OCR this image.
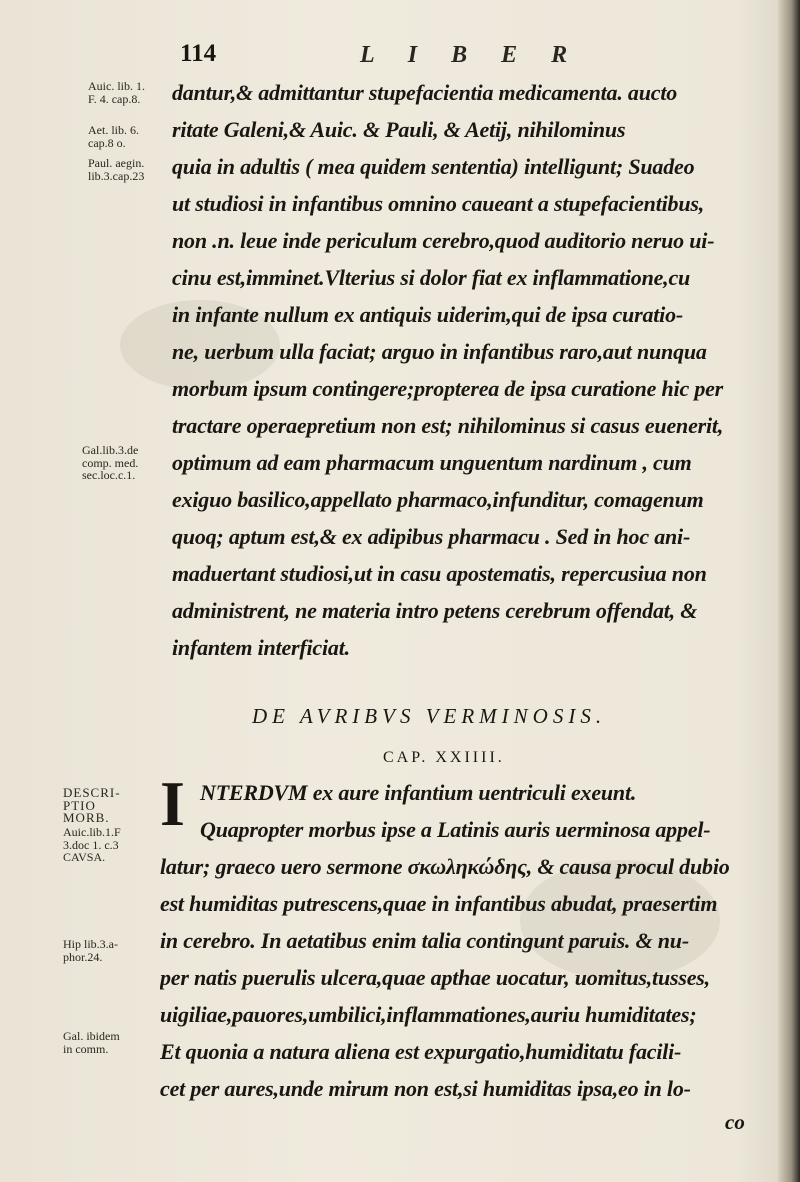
114	L I B E R
Auic. lib. 1.
F. 4. cap.8.
Aet. lib. 6.
cap.8 o.
Paul. aegin.
lib.3.cap.23
Gal.lib.3.de
comp. med.
sec.loc.c.1.
DESCRI-
PTIO
MORB.
Auic.lib.1.F
3.doc 1. c.3
CAVSA.
Hip lib.3.a-
phor.24.
Gal. ibidem
in comm.
dantur,& admittantur stupefacientia medicamenta. aucto
ritate Galeni,& Auic. & Pauli, & Aetij, nihilominus
quia in adultis ( mea quidem sententia) intelligunt; Suadeo
ut studiosi in infantibus omnino caueant a stupefacientibus,
non .n. leue inde periculum cerebro,quod auditorio neruo ui-
cinu est,imminet.Vlterius si dolor fiat ex inflammatione,cu
in infante nullum ex antiquis uiderim,qui de ipsa curatio-
ne, uerbum ulla faciat; arguo in infantibus raro,aut nunqua
morbum ipsum contingere;propterea de ipsa curatione hic per
tractare operaepretium non est; nihilominus si casus euenerit,
optimum ad eam pharmacum unguentum nardinum , cum
exiguo basilico,appellato pharmaco,infunditur, comagenum
quoq; aptum est,& ex adipibus pharmacu . Sed in hoc ani-
maduertant studiosi,ut in casu apostematis, repercusiua non
administrent, ne materia intro petens cerebrum offendat, &
infantem interficiat.
DE AVRIBVS VERMINOSIS.
CAP. XXIIII.
I NTERDVM ex aure infantium uentriculi exeunt.
Quapropter morbus ipse a Latinis auris uerminosa appel-
latur; graeco uero sermone σκωληκώδης, & causa procul dubio
est humiditas putrescens,quae in infantibus abudat, praesertim
in cerebro. In aetatibus enim talia contingunt paruis. & nu-
per natis puerulis ulcera,quae apthae uocatur, uomitus,tusses,
uigiliae,pauores,umbilici,inflammationes,auriu humiditates;
Et quonia a natura aliena est expurgatio,humiditatu facili-
cet per aures,unde mirum non est,si humiditas ipsa,eo in lo-
co
